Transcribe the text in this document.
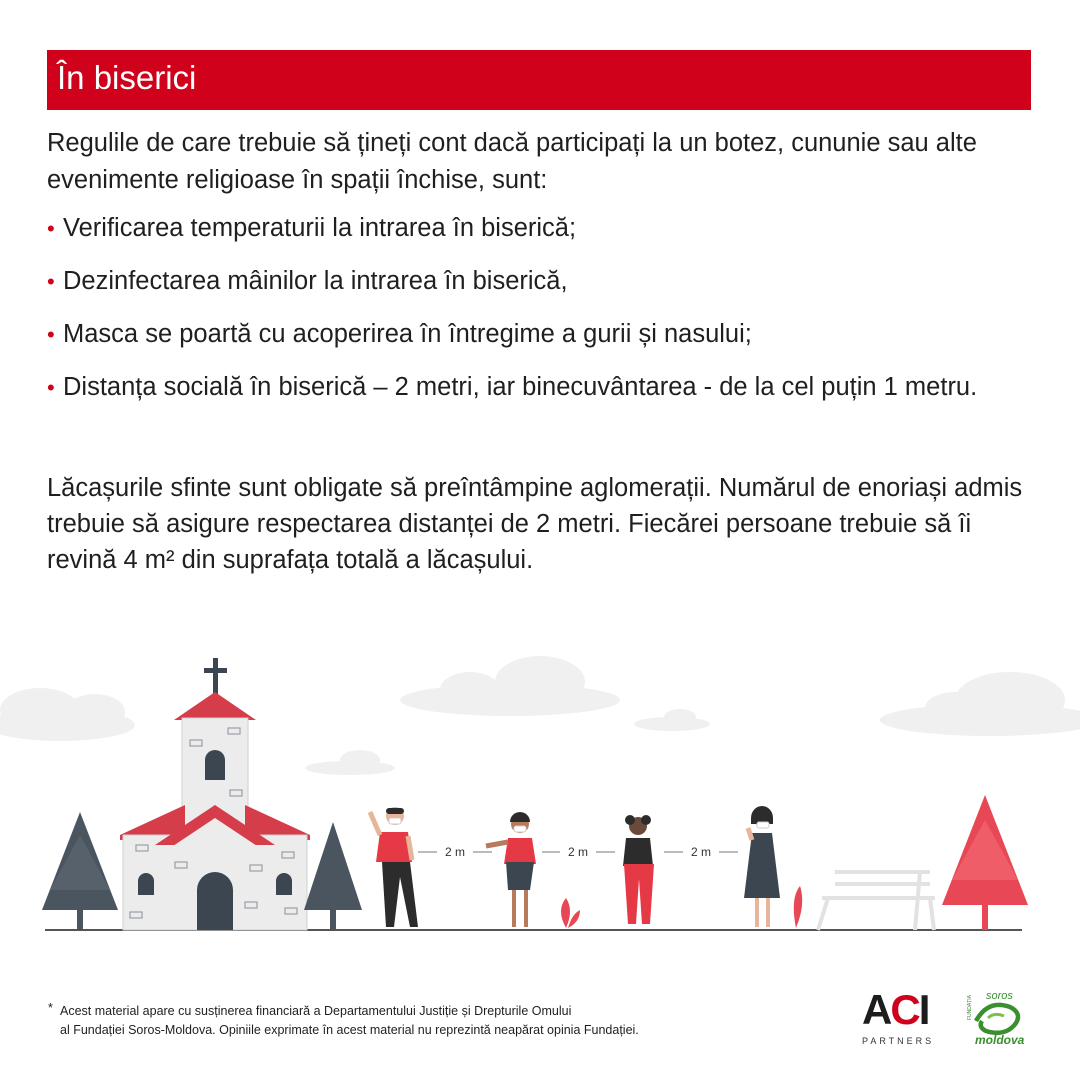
În biserici
Regulile de care trebuie să țineți cont dacă participați la un botez, cununie sau alte evenimente religioase în spații închise, sunt:
• Verificarea temperaturii la intrarea în biserică;
• Dezinfectarea mâinilor la intrarea în biserică,
• Masca se poartă cu acoperirea în întregime a gurii și nasului;
• Distanța socială în biserică – 2 metri, iar binecuvântarea - de la cel puțin 1 metru.
Lăcașurile sfinte sunt obligate să preîntâmpine aglomerații. Numărul de enoriași admis trebuie să asigure respectarea distanței de 2 metri. Fiecărei persoane trebuie să îi revină 4 m² din suprafața totală a lăcașului.
2 m	2 m	2 m
* Acest material apare cu susținerea financiară a Departamentului Justiție și Drepturile Omului
al Fundației Soros-Moldova. Opiniile exprimate în acest material nu reprezintă neapărat opinia Fundației.	ACI
PARTNERS
FUNDAȚIA soros
moldova
